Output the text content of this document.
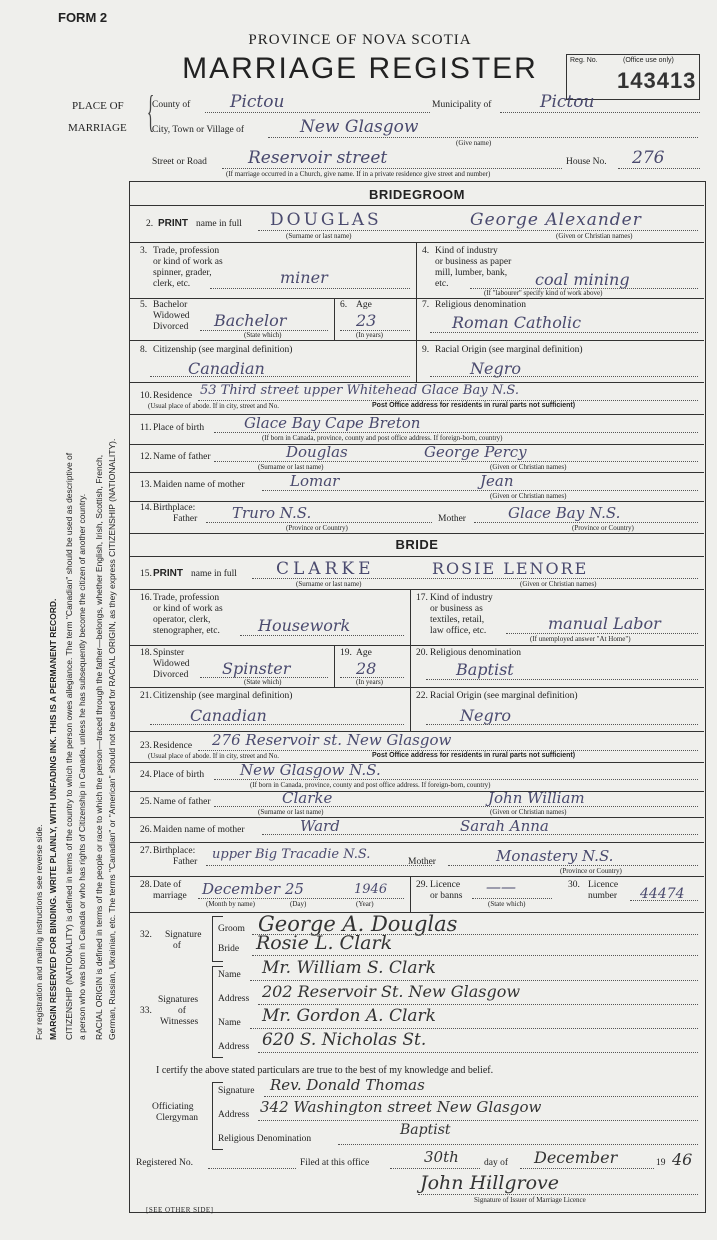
FORM 2
PROVINCE OF NOVA SCOTIA
MARRIAGE REGISTER	Reg. No.	(Office use only)
143413
PLACE OF
MARRIAGE {
County of Pictou	Municipality of	Pictou
City, Town or Village of	New Glasgow
(Give name)
Street or Road Reservoir street	House No. 276
(If marriage occurred in a Church, give name. If in a private residence give street and number)
For registration and mailing instructions see reverse side. MARGIN RESERVED FOR BINDING. WRITE PLAINLY, WITH UNFADING INK. THIS IS A PERMANENT RECORD. CITIZENSHIP (NATIONALITY) is defined in terms of the country to which the person owes allegiance. The term "Canadian" should be used as descriptive of a person who was born in Canada or who has rights of Citizenship in Canada, unless he has subsequently become the citizen of another country. RACIAL ORIGIN is defined in terms of the people or race to which the person—traced through the father—belongs, whether English, Irish, Scottish, French, German, Russian, Ukrainian, etc. The terms "Canadian" or "American" should not be used for RACIAL ORIGIN, as they express CITIZENSHIP (NATIONALITY).
BRIDEGROOM
2. PRINT name in full DOUGLAS	George Alexander
(Surname or last name)	(Given or Christian names)
3. Trade, profession
or kind of work as
spinner, grader,
clerk, etc.	miner
4. Kind of industry
or business as paper
mill, lumber, bank,
etc.	coal mining
(If "labourer" specify kind of work above)
5. Bachelor
Widowed
Divorced Bachelor
(State which)
6. Age
23
(In years)
7. Religious denomination
Roman Catholic
8. Citizenship (see marginal definition)
Canadian
9. Racial Origin (see marginal definition)
Negro
10. Residence 53 Third street upper Whitehead Glace Bay N.S.
(Usual place of abode. If in city, street and No.	Post Office address for residents in rural parts not sufficient)
11. Place of birth	Glace Bay Cape Breton
(If born in Canada, province, county and post office address. If foreign-born, country)
12. Name of father	Douglas	George Percy
(Surname or last name)	(Given or Christian names)
13. Maiden name of mother	Lomar	Jean
(Given or Christian names)
14. Birthplace:
Father Truro N.S.
(Province or Country)
Mother	Glace Bay N.S.
(Province or Country)
BRIDE
15. PRINT name in full CLARKE	ROSIE LENORE
(Surname or last name)	(Given or Christian names)
16. Trade, profession
or kind of work as
operator, clerk,
stenographer, etc. Housework
17. Kind of industry
or business as
textiles, retail,
law office, etc.	manual Labor
(If unemployed answer "At Home")
18. Spinster
Widowed
Divorced Spinster
(State which)
19. Age
28
(In years)
20. Religious denomination
Baptist
21. Citizenship (see marginal definition)
Canadian
22. Racial Origin (see marginal definition)
Negro
23. Residence 276 Reservoir st. New Glasgow
(Usual place of abode. If in city, street and No.	Post Office address for residents in rural parts not sufficient)
24. Place of birth New Glasgow N.S.
(If born in Canada, province, county and post office address. If foreign-born, country)
25. Name of father	Clarke	John William
(Surname or last name)	(Given or Christian names)
26. Maiden name of mother	Ward	Sarah Anna
27. Birthplace:
Father upper Big Tracadie N.S.
(Province or Country)
Mother	Monastery N.S.
28. Date of
marriage December 25	1946
(Month by name)	(Day)	(Year)
29. Licence
or banns ——
(State which)
30. Licence
number 44474
32. Signature
of
Groom George A. Douglas
Bride Rosie L. Clark
33.
Signatures
of
Witnesses
Name Mr. William S. Clark
Address 202 Reservoir St. New Glasgow
Name Mr. Gordon A. Clark
Address 620 S. Nicholas St.
I certify the above stated particulars are true to the best of my knowledge and belief.
Officiating
Clergyman
Signature Rev. Donald Thomas
Address 342 Washington street New Glasgow
Religious Denomination
Baptist
Registered No.	Filed at this office	30th	day of December	19 46
John Hillgrove
Signature of Issuer of Marriage Licence
[SEE OTHER SIDE]
